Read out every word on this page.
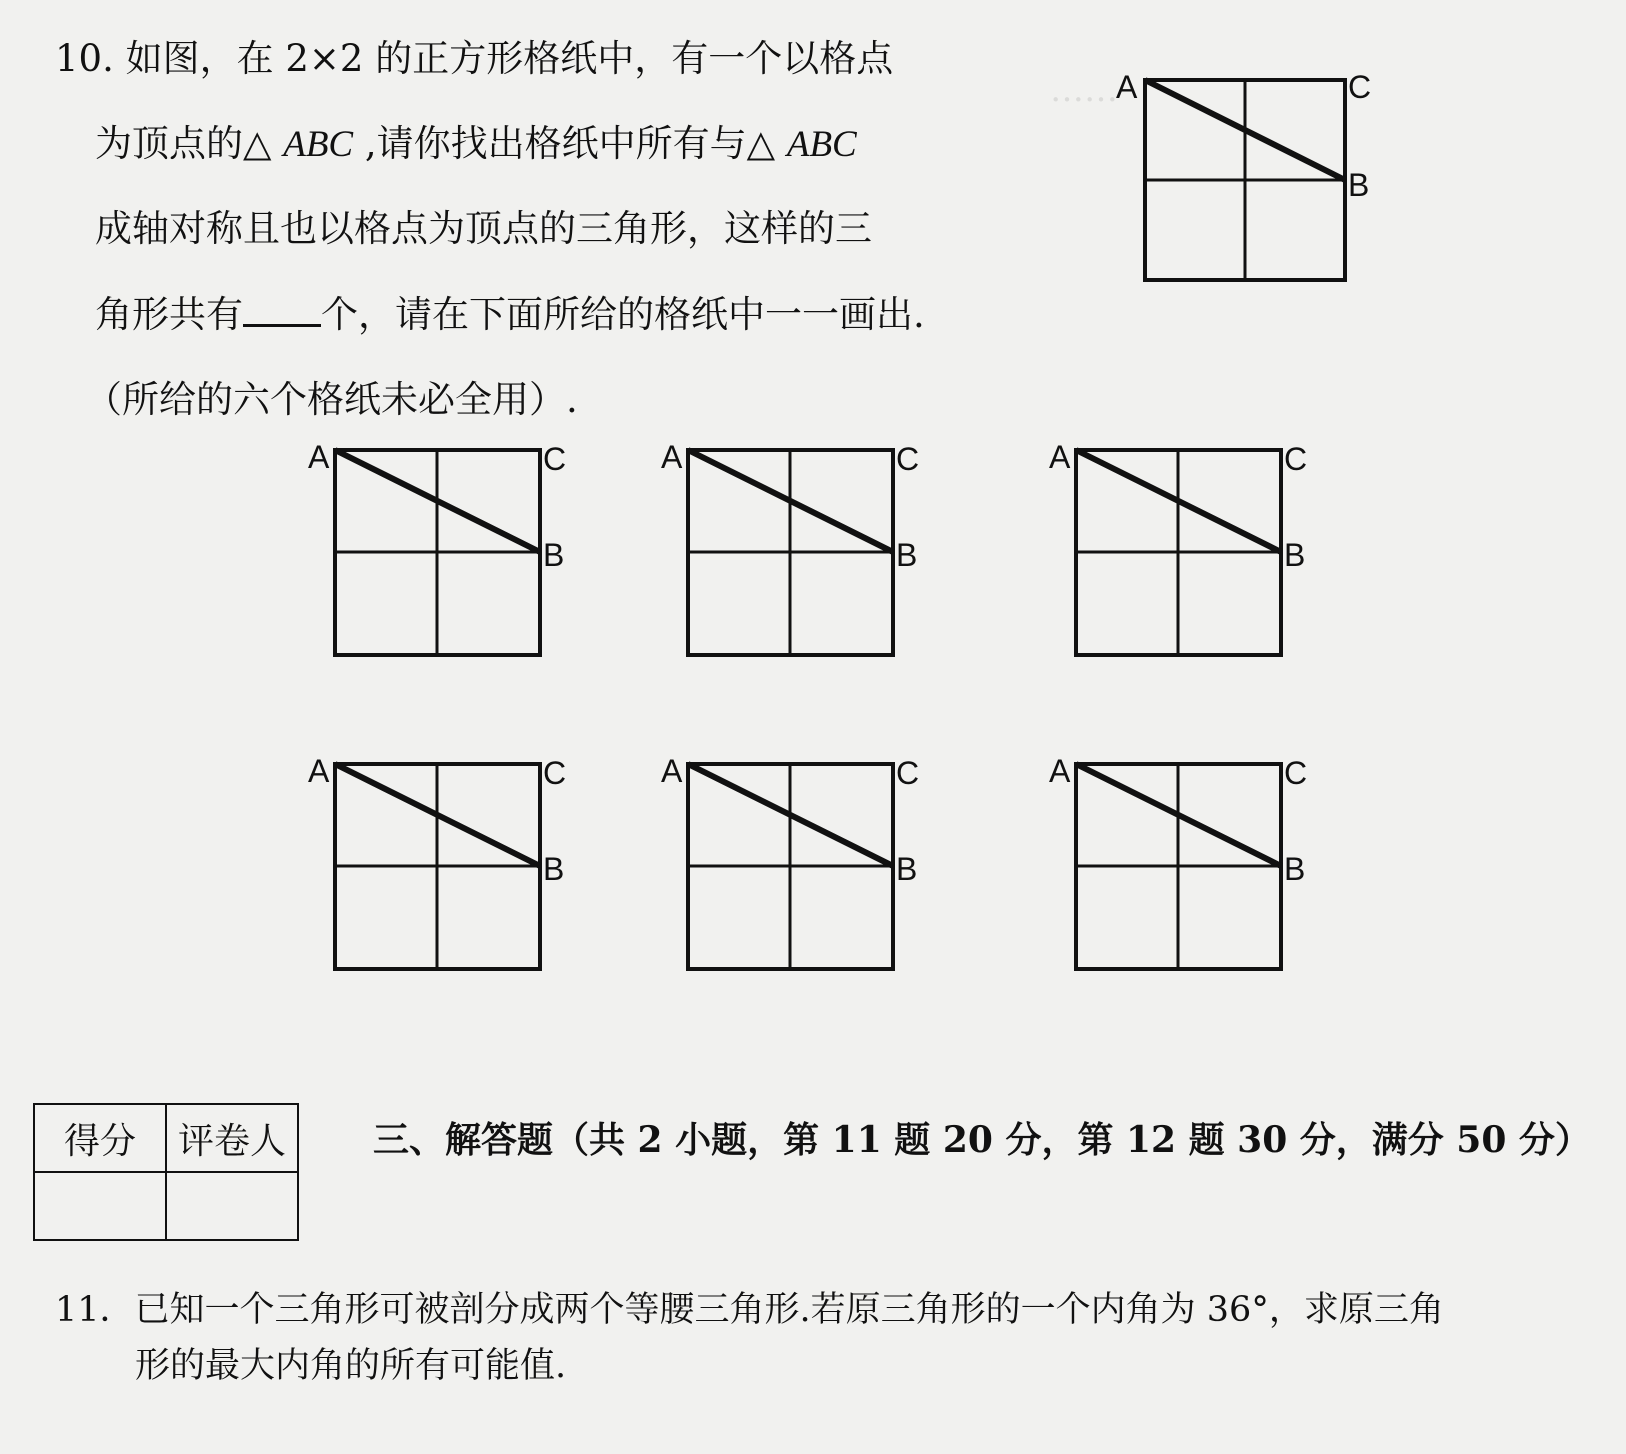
……
10. 如图，在 2×2 的正方形格纸中，有一个以格点
为顶点的△ ABC ,请你找出格纸中所有与△ ABC
成轴对称且也以格点为顶点的三角形，这样的三
角形共有 个，请在下面所给的格纸中一一画出.
（所给的六个格纸未必全用）.
A	C
B
A	C
B
A	C
B
A	C
B
A	C
B
A	C
B
A	C
B
得分	评卷人
	三、解答题（共 2 小题，第 11 题 20 分，第 12 题 30 分，满分 50 分）
11．已知一个三角形可被剖分成两个等腰三角形.若原三角形的一个内角为 36°，求原三角
形的最大内角的所有可能值.
